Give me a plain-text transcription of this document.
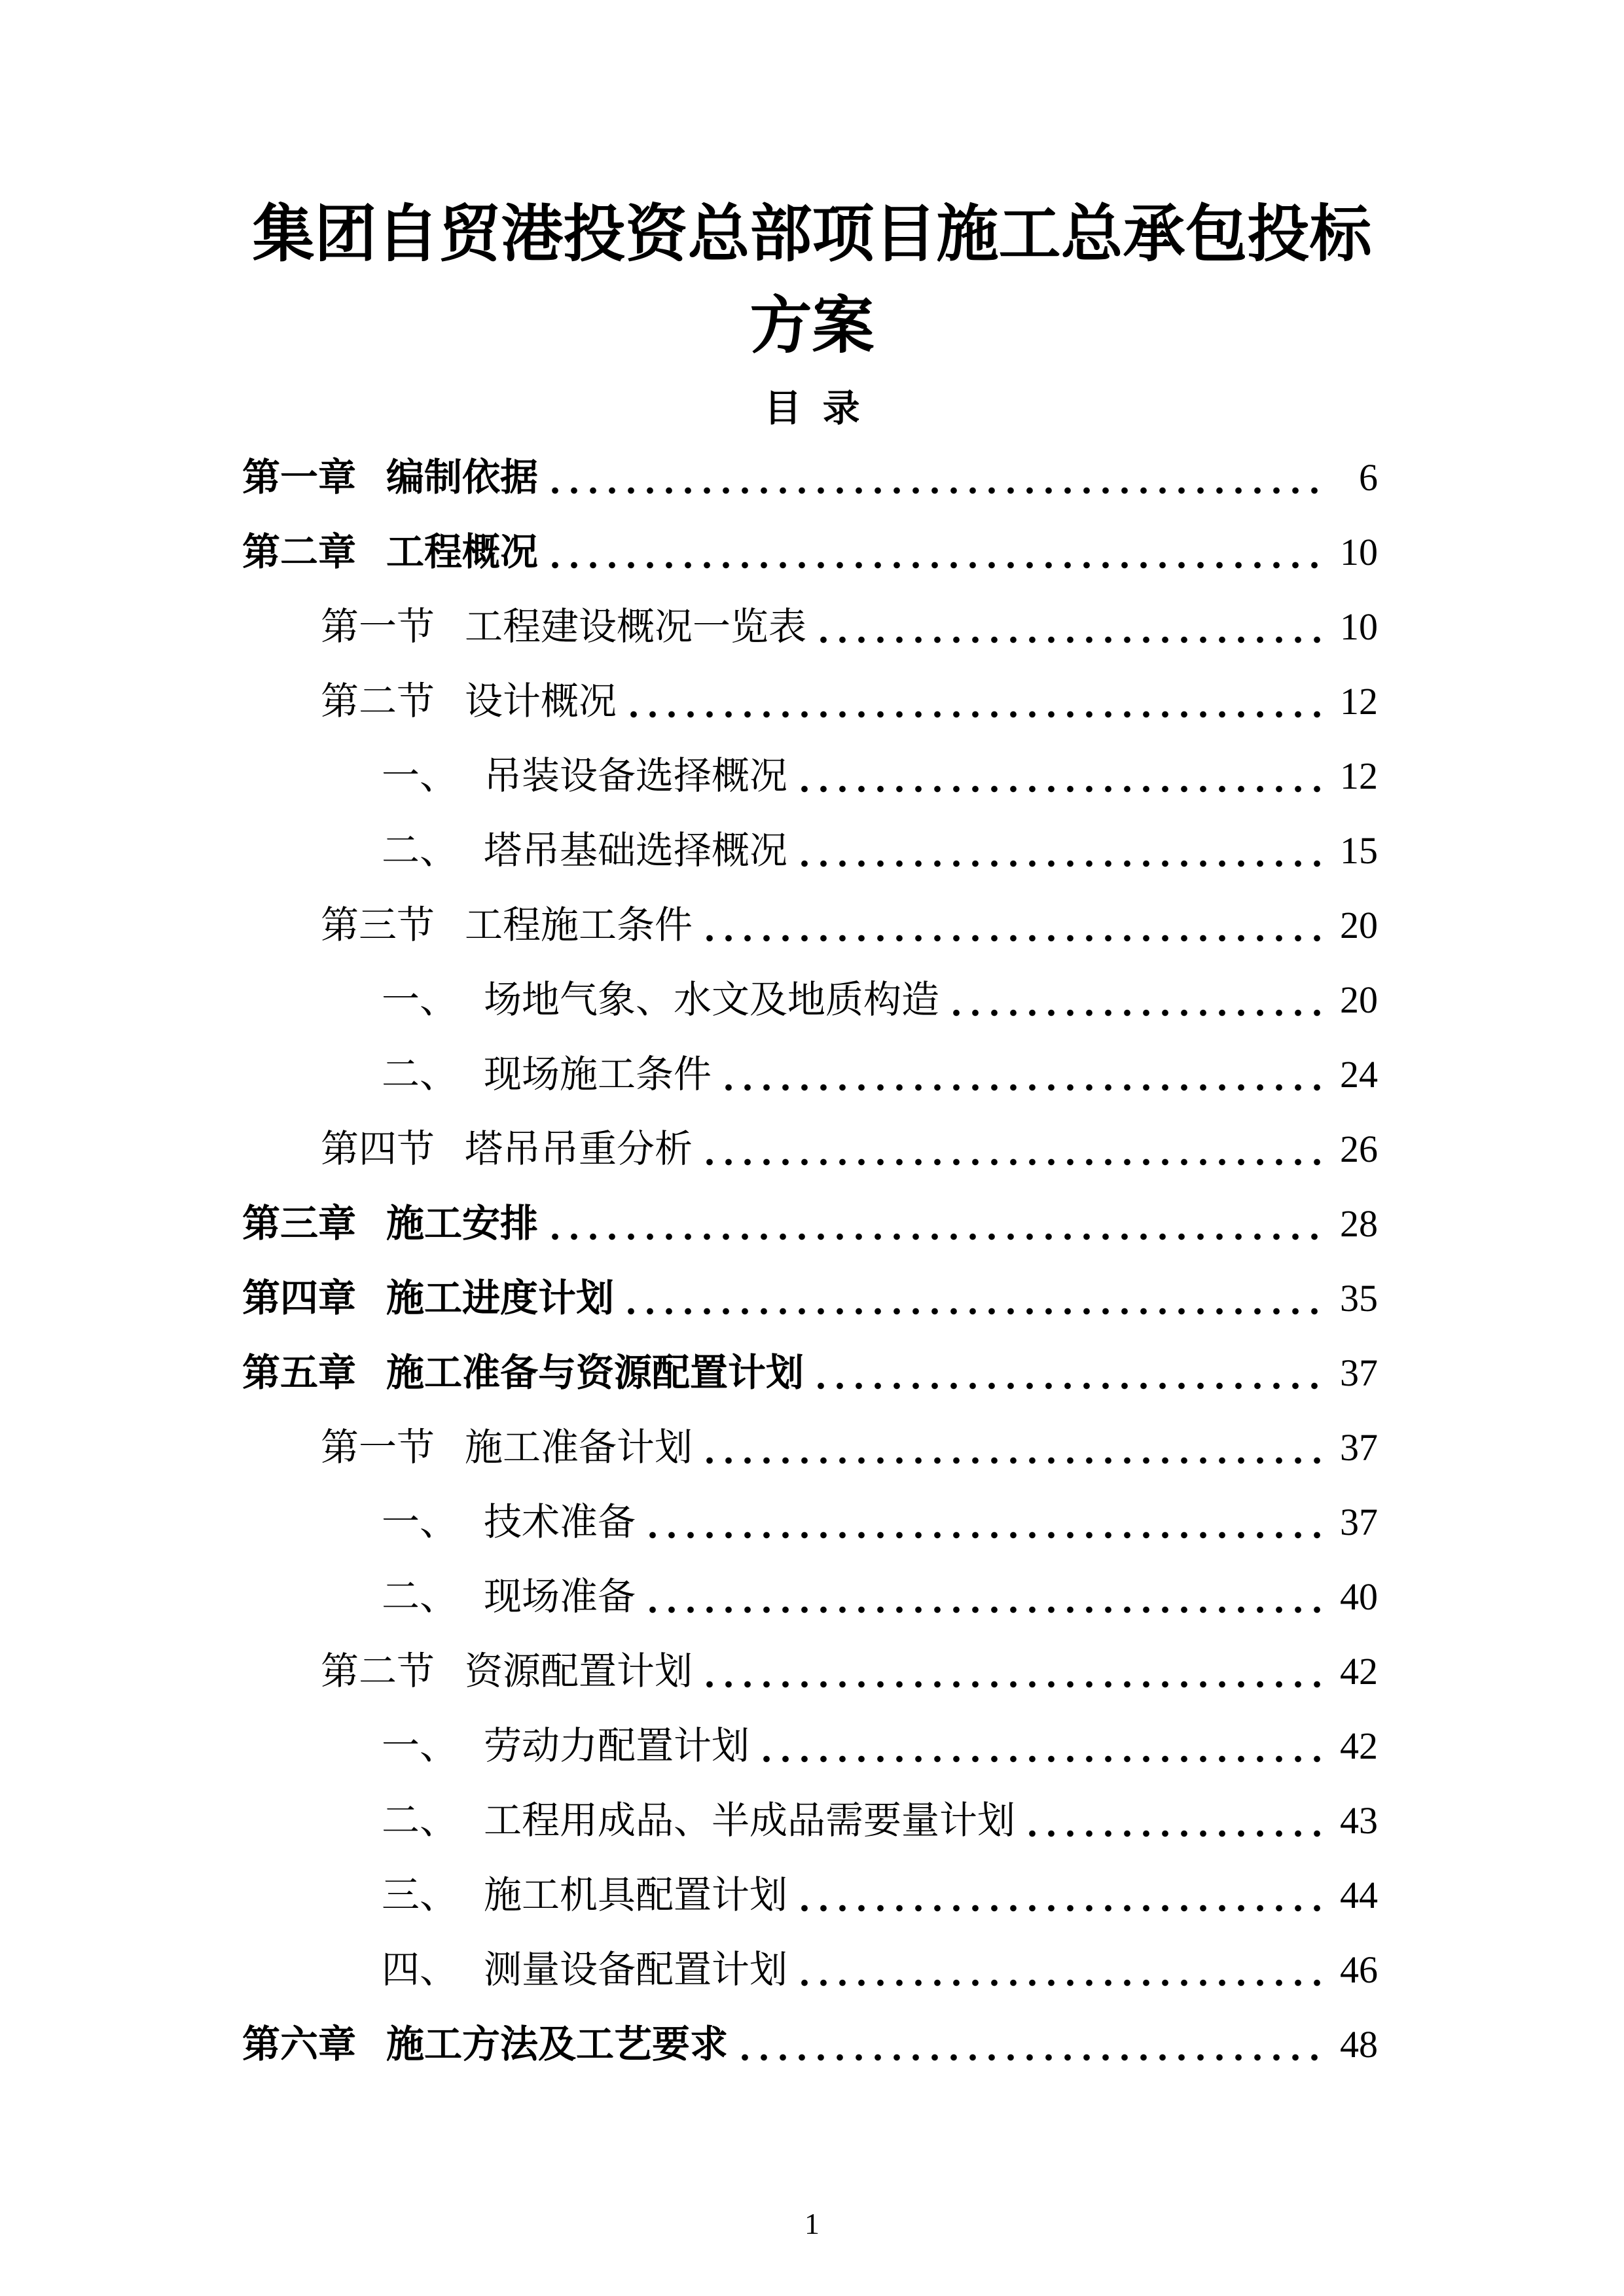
集团自贸港投资总部项目施工总承包投标
方案
目 录
第一章 编制依据	6
第二章 工程概况	10
第一节 工程建设概况一览表	10
第二节 设计概况	12
一、 吊装设备选择概况	12
二、 塔吊基础选择概况	15
第三节 工程施工条件	20
一、 场地气象、水文及地质构造	20
二、 现场施工条件	24
第四节 塔吊吊重分析	26
第三章 施工安排	28
第四章 施工进度计划	35
第五章 施工准备与资源配置计划	37
第一节 施工准备计划	37
一、 技术准备	37
二、 现场准备	40
第二节 资源配置计划	42
一、 劳动力配置计划	42
二、 工程用成品、半成品需要量计划	43
三、 施工机具配置计划	44
四、 测量设备配置计划	46
第六章 施工方法及工艺要求	48
1
